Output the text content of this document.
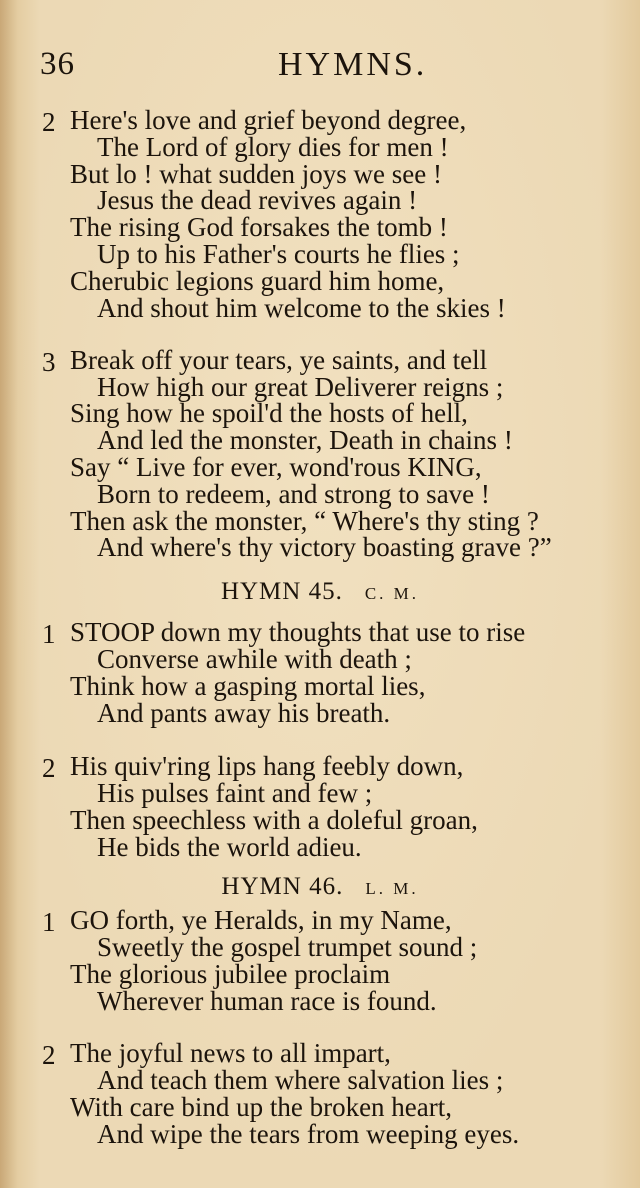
36	HYMNS.
2 Here's love and grief beyond degree,
The Lord of glory dies for men !
But lo ! what sudden joys we see !
Jesus the dead revives again !
The rising God forsakes the tomb !
Up to his Father's courts he flies ;
Cherubic legions guard him home,
And shout him welcome to the skies !
3 Break off your tears, ye saints, and tell
How high our great Deliverer reigns ;
Sing how he spoil'd the hosts of hell,
And led the monster, Death in chains !
Say “ Live for ever, wond'rous KING,
Born to redeem, and strong to save !
Then ask the monster, “ Where's thy sting ?
And where's thy victory boasting grave ?”
HYMN 45. C. M.
1 STOOP down my thoughts that use to rise
Converse awhile with death ;
Think how a gasping mortal lies,
And pants away his breath.
2 His quiv'ring lips hang feebly down,
His pulses faint and few ;
Then speechless with a doleful groan,
He bids the world adieu.
HYMN 46. L. M.
1 GO forth, ye Heralds, in my Name,
Sweetly the gospel trumpet sound ;
The glorious jubilee proclaim
Wherever human race is found.
2 The joyful news to all impart,
And teach them where salvation lies ;
With care bind up the broken heart,
And wipe the tears from weeping eyes.
